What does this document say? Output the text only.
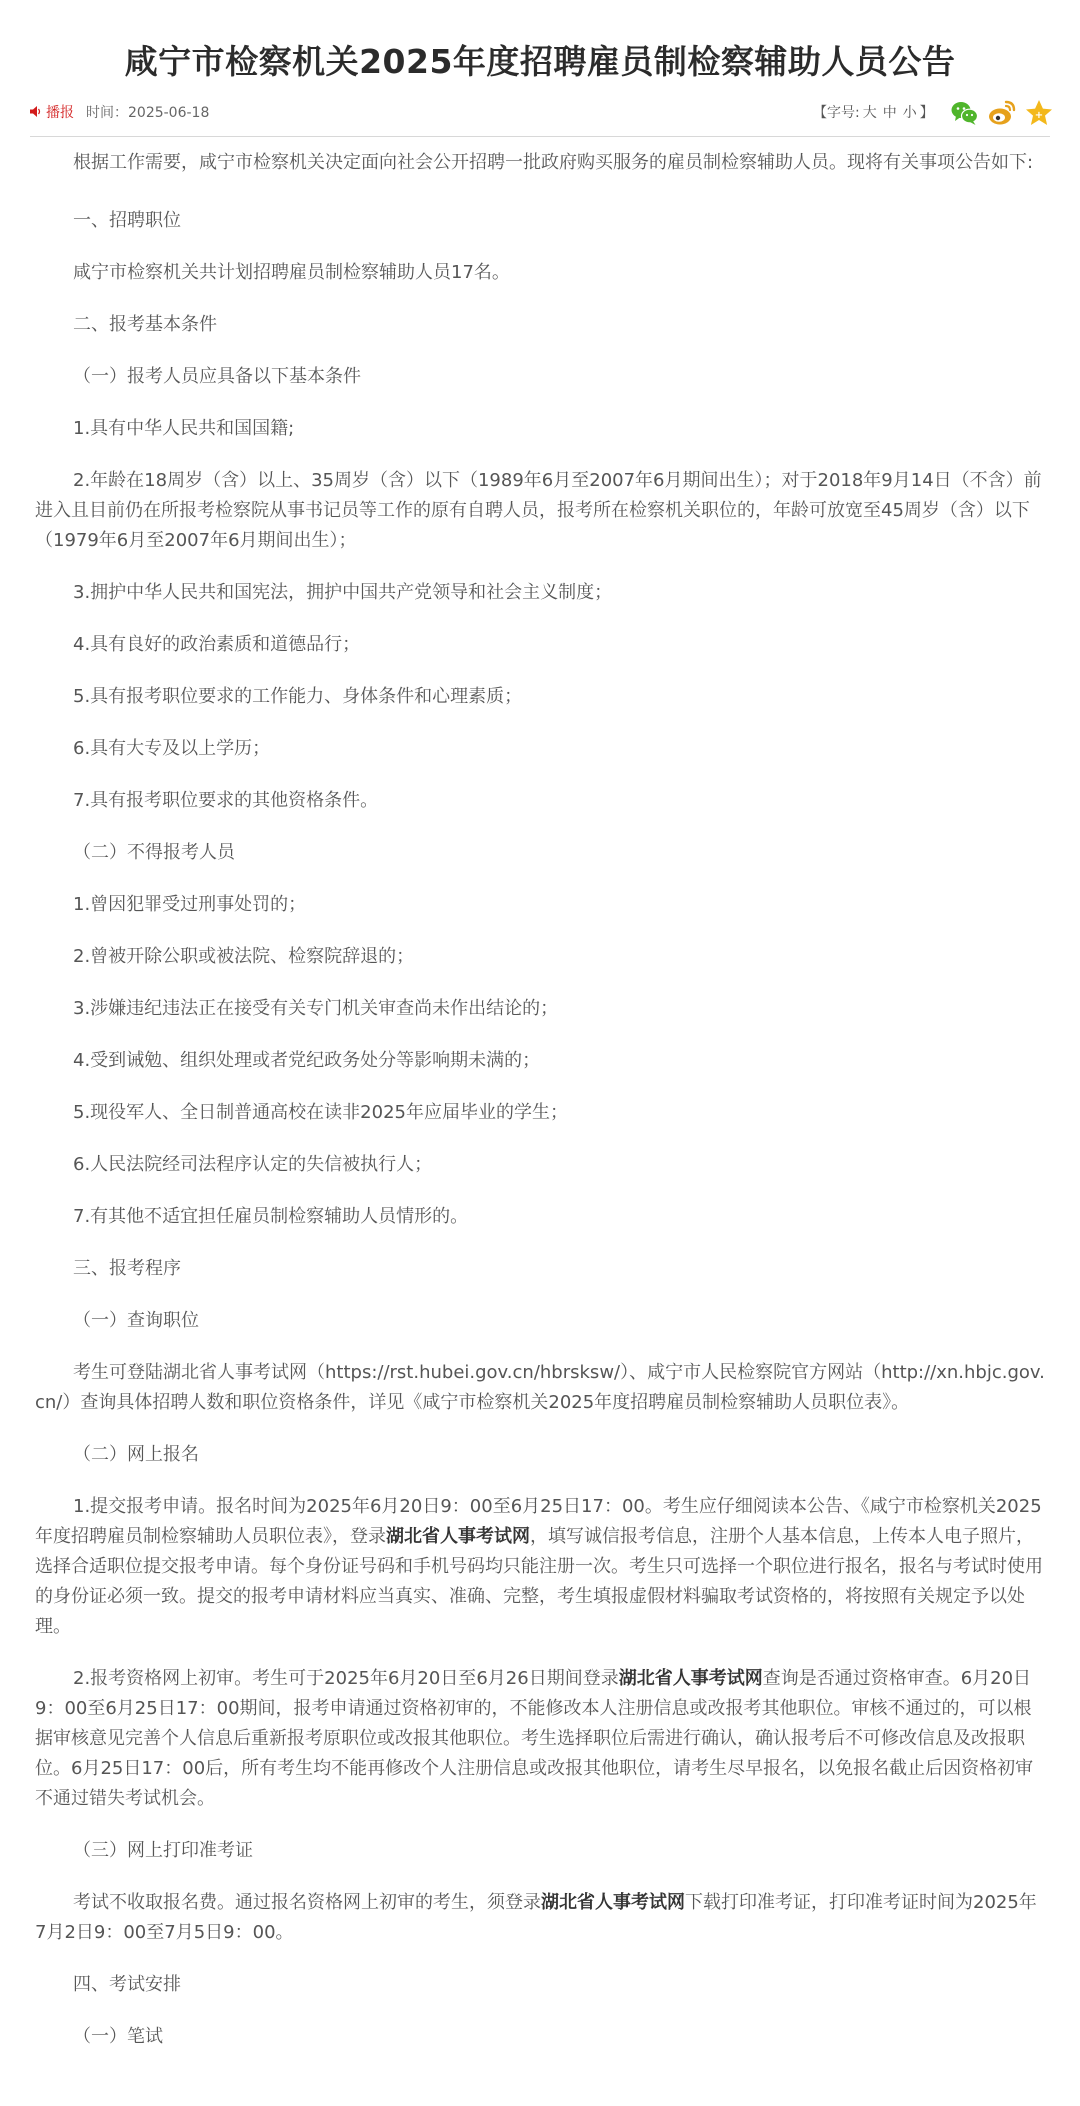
咸宁市检察机关2025年度招聘雇员制检察辅助人员公告
播报 时间：2025-06-18	【字号: 大 中 小 】	+

根据工作需要，咸宁市检察机关决定面向社会公开招聘一批政府购买服务的雇员制检察辅助人员。现将有关事项公告如下:

一、招聘职位

咸宁市检察机关共计划招聘雇员制检察辅助人员17名。

二、报考基本条件

（一）报考人员应具备以下基本条件

1.具有中华人民共和国国籍;

2.年龄在18周岁（含）以上、35周岁（含）以下（1989年6月至2007年6月期间出生）；对于2018年9月14日（不含）前进入且目前仍在所报考检察院从事书记员等工作的原有自聘人员，报考所在检察机关职位的，年龄可放宽至45周岁（含）以下（1979年6月至2007年6月期间出生）；

3.拥护中华人民共和国宪法，拥护中国共产党领导和社会主义制度；

4.具有良好的政治素质和道德品行；

5.具有报考职位要求的工作能力、身体条件和心理素质；

6.具有大专及以上学历；

7.具有报考职位要求的其他资格条件。

（二）不得报考人员

1.曾因犯罪受过刑事处罚的；

2.曾被开除公职或被法院、检察院辞退的；

3.涉嫌违纪违法正在接受有关专门机关审查尚未作出结论的；

4.受到诫勉、组织处理或者党纪政务处分等影响期未满的；

5.现役军人、全日制普通高校在读非2025年应届毕业的学生；

6.人民法院经司法程序认定的失信被执行人；

7.有其他不适宜担任雇员制检察辅助人员情形的。

三、报考程序

（一）查询职位

考生可登陆湖北省人事考试网（https://rst.hubei.gov.cn/hbrsksw/）、咸宁市人民检察院官方网站（http://xn.hbjc.gov.cn/）查询具体招聘人数和职位资格条件，详见《咸宁市检察机关2025年度招聘雇员制检察辅助人员职位表》。

（二）网上报名

1.提交报考申请。报名时间为2025年6月20日9：00至6月25日17：00。考生应仔细阅读本公告、《咸宁市检察机关2025年度招聘雇员制检察辅助人员职位表》，登录湖北省人事考试网，填写诚信报考信息，注册个人基本信息，上传本人电子照片，选择合适职位提交报考申请。每个身份证号码和手机号码均只能注册一次。考生只可选择一个职位进行报名，报名与考试时使用的身份证必须一致。提交的报考申请材料应当真实、准确、完整，考生填报虚假材料骗取考试资格的，将按照有关规定予以处理。

2.报考资格网上初审。考生可于2025年6月20日至6月26日期间登录湖北省人事考试网查询是否通过资格审查。6月20日9：00至6月25日17：00期间，报考申请通过资格初审的，不能修改本人注册信息或改报考其他职位。审核不通过的，可以根据审核意见完善个人信息后重新报考原职位或改报其他职位。考生选择职位后需进行确认，确认报考后不可修改信息及改报职位。6月25日17：00后，所有考生均不能再修改个人注册信息或改报其他职位，请考生尽早报名，以免报名截止后因资格初审不通过错失考试机会。

（三）网上打印准考证

考试不收取报名费。通过报名资格网上初审的考生，须登录湖北省人事考试网下载打印准考证，打印准考证时间为2025年7月2日9：00至7月5日9：00。

四、考试安排

（一）笔试
